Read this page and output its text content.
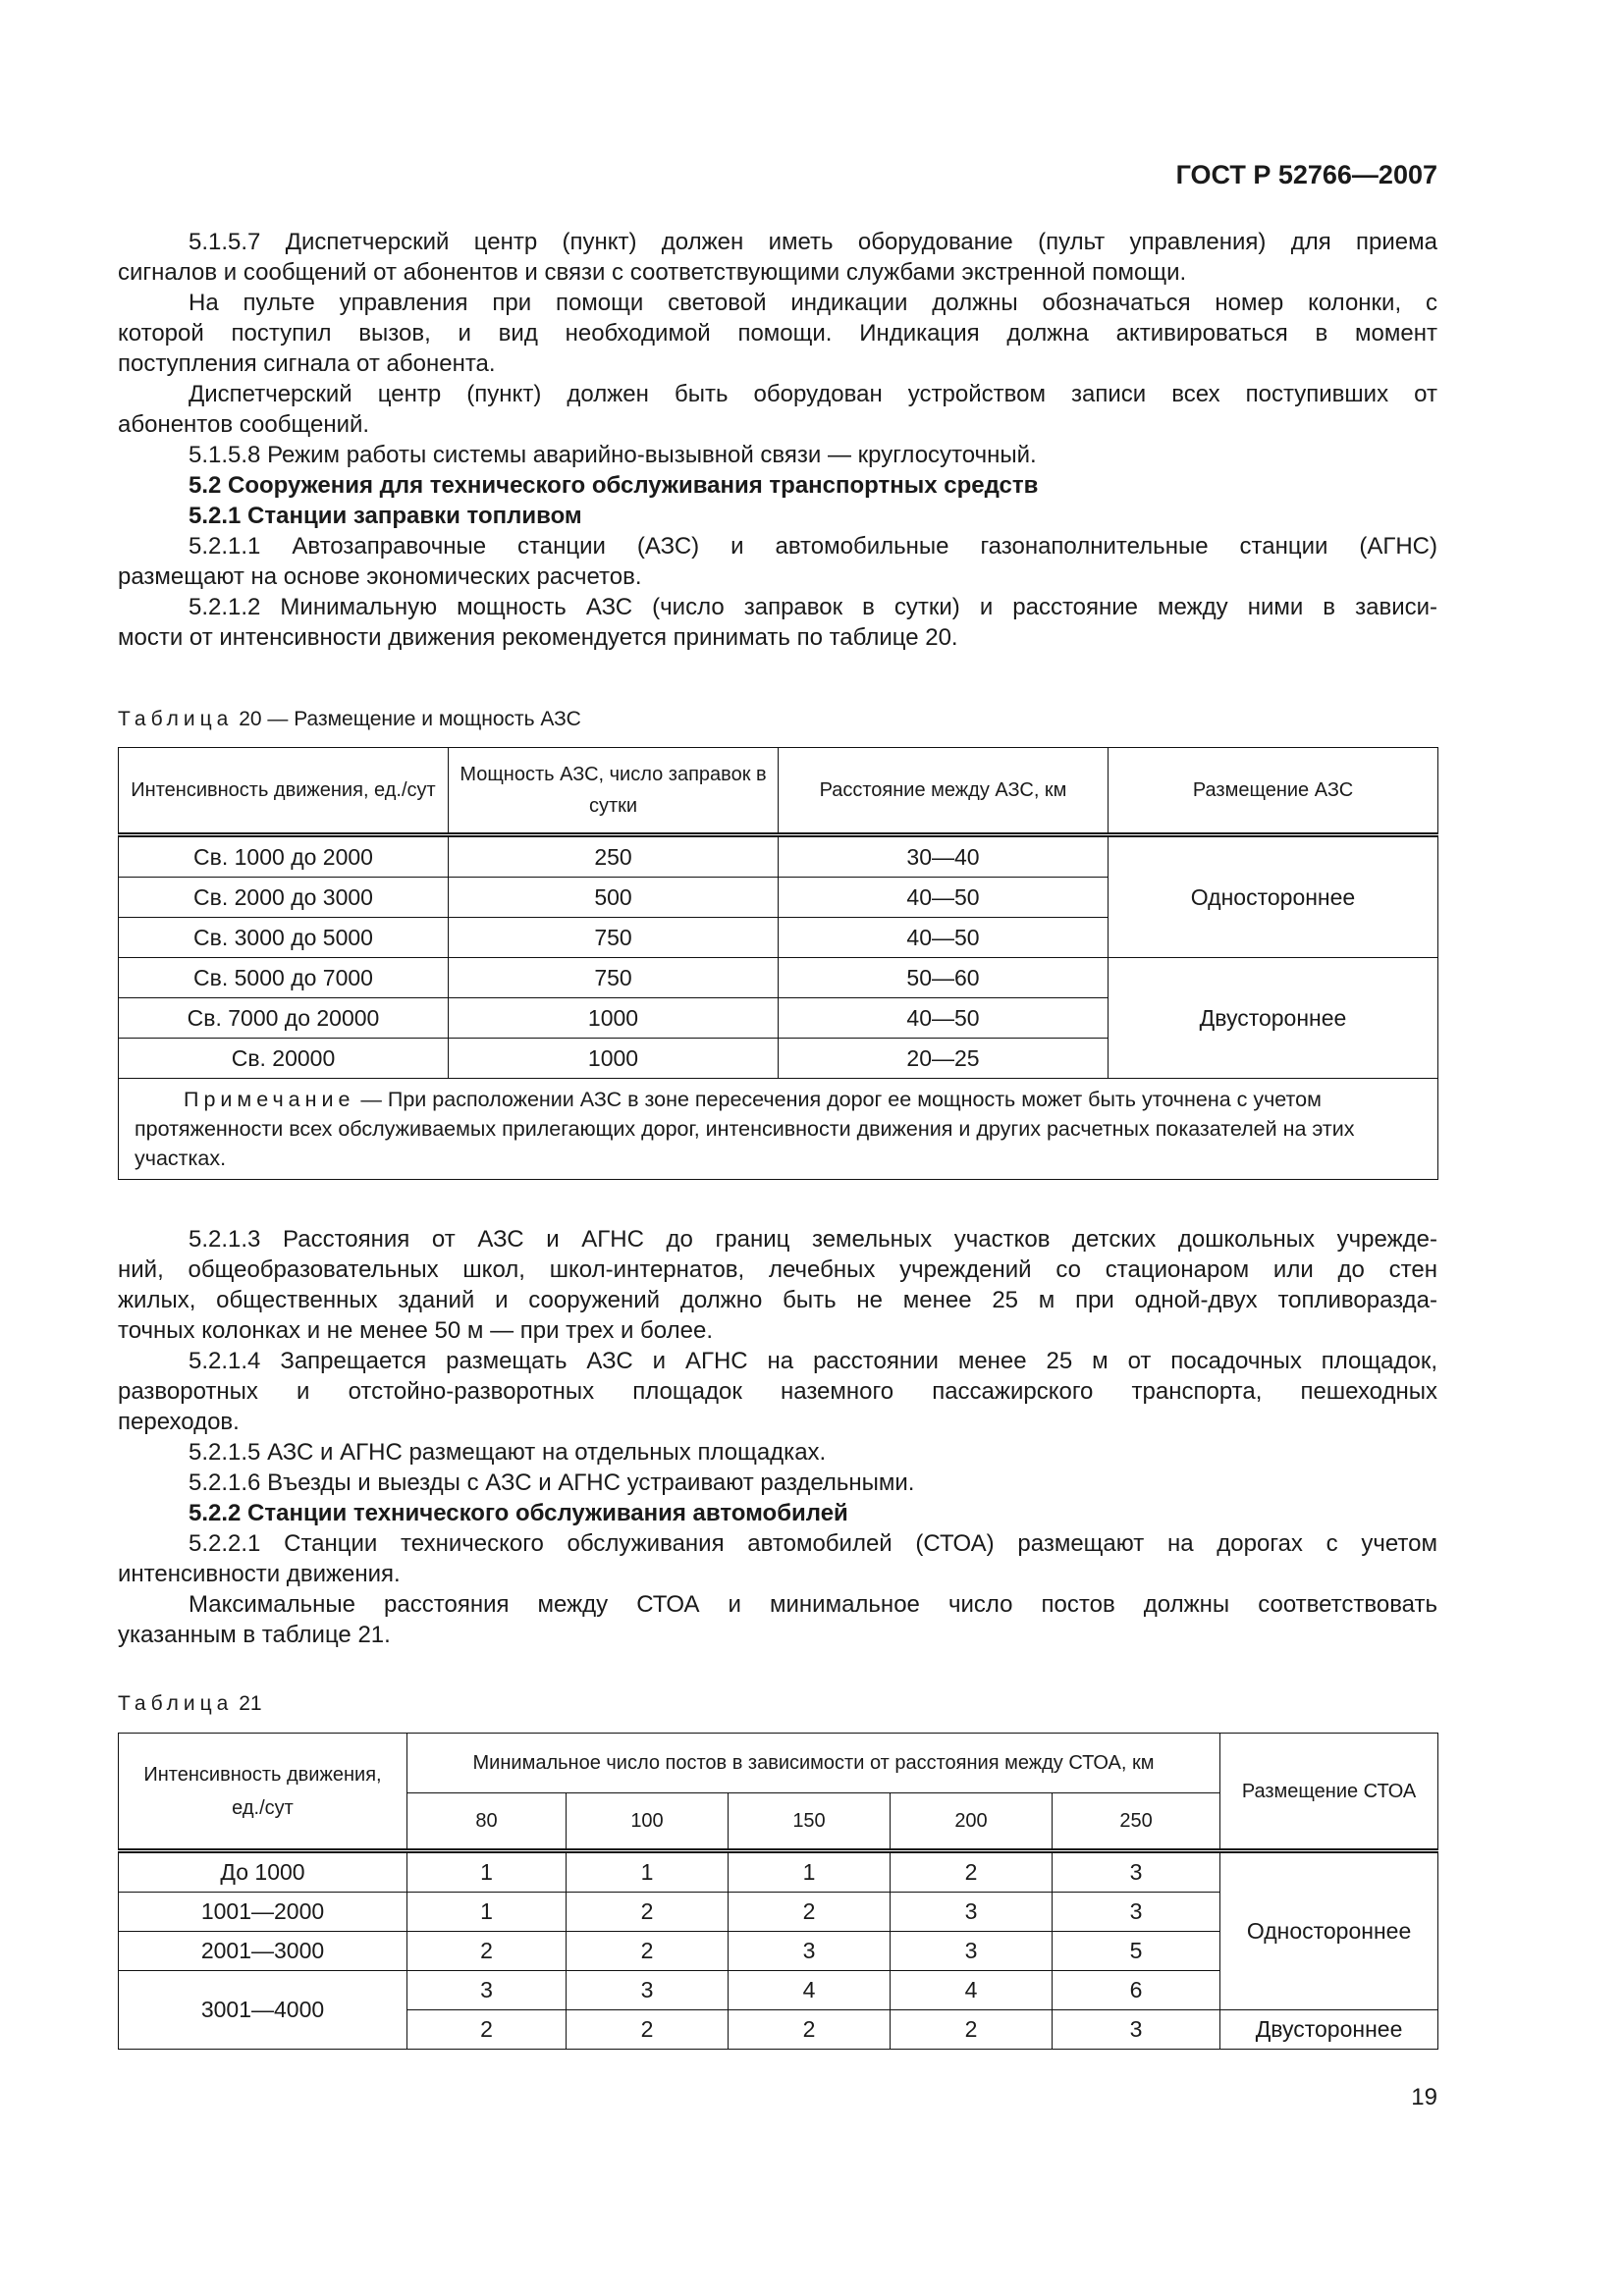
ГОСТ Р 52766—2007
5.1.5.7 Диспетчерский центр (пункт) должен иметь оборудование (пульт управления) для приема
сигналов и сообщений от абонентов и связи с соответствующими службами экстренной помощи.
На пульте управления при помощи световой индикации должны обозначаться номер колонки, с
которой поступил вызов, и вид необходимой помощи. Индикация должна активироваться в момент
поступления сигнала от абонента.
Диспетчерский центр (пункт) должен быть оборудован устройством записи всех поступивших от
абонентов сообщений.
5.1.5.8 Режим работы системы аварийно-вызывной связи — круглосуточный.
5.2 Сооружения для технического обслуживания транспортных средств
5.2.1 Станции заправки топливом
5.2.1.1 Автозаправочные станции (АЗС) и автомобильные газонаполнительные станции (АГНС)
размещают на основе экономических расчетов.
5.2.1.2 Минимальную мощность АЗС (число заправок в сутки) и расстояние между ними в зависи-
мости от интенсивности движения рекомендуется принимать по таблице 20.
Таблица 20 — Размещение и мощность АЗС
Интенсивность движения, ед./сут	Мощность АЗС, число заправок в сутки	Расстояние между АЗС, км	Размещение АЗС
Св. 1000 до 2000	250	30—40	Одностороннее
Св. 2000 до 3000	500	40—50	
Св. 3000 до 5000	750	40—50	
Св. 5000 до 7000	750	50—60	Двустороннее
Св. 7000 до 20000	1000	40—50	
Св. 20000	1000	20—25	
Примечание — При расположении АЗС в зоне пересечения дорог ее мощность может быть уточнена с учетом протяженности всех обслуживаемых прилегающих дорог, интенсивности движения и других расчетных показателей на этих участках.			
5.2.1.3 Расстояния от АЗС и АГНС до границ земельных участков детских дошкольных учрежде-
ний, общеобразовательных школ, школ-интернатов, лечебных учреждений со стационаром или до стен
жилых, общественных зданий и сооружений должно быть не менее 25 м при одной-двух топливоразда-
точных колонках и не менее 50 м — при трех и более.
5.2.1.4 Запрещается размещать АЗС и АГНС на расстоянии менее 25 м от посадочных площадок,
разворотных и отстойно-разворотных площадок наземного пассажирского транспорта, пешеходных
переходов.
5.2.1.5 АЗС и АГНС размещают на отдельных площадках.
5.2.1.6 Въезды и выезды с АЗС и АГНС устраивают раздельными.
5.2.2 Станции технического обслуживания автомобилей
5.2.2.1 Станции технического обслуживания автомобилей (СТОА) размещают на дорогах с учетом
интенсивности движения.
Максимальные расстояния между СТОА и минимальное число постов должны соответствовать
указанным в таблице 21.
Таблица 21
Интенсивность движения, ед./сут	Минимальное число постов в зависимости от расстояния между СТОА, км					Размещение СТОА
	80	100	150	200	250	
До 1000	1	1	1	2	3	Одностороннее
1001—2000	1	2	2	3	3	
2001—3000	2	2	3	3	5	
3001—4000	3	3	4	4	6	
	2	2	2	2	3	Двустороннее
19
